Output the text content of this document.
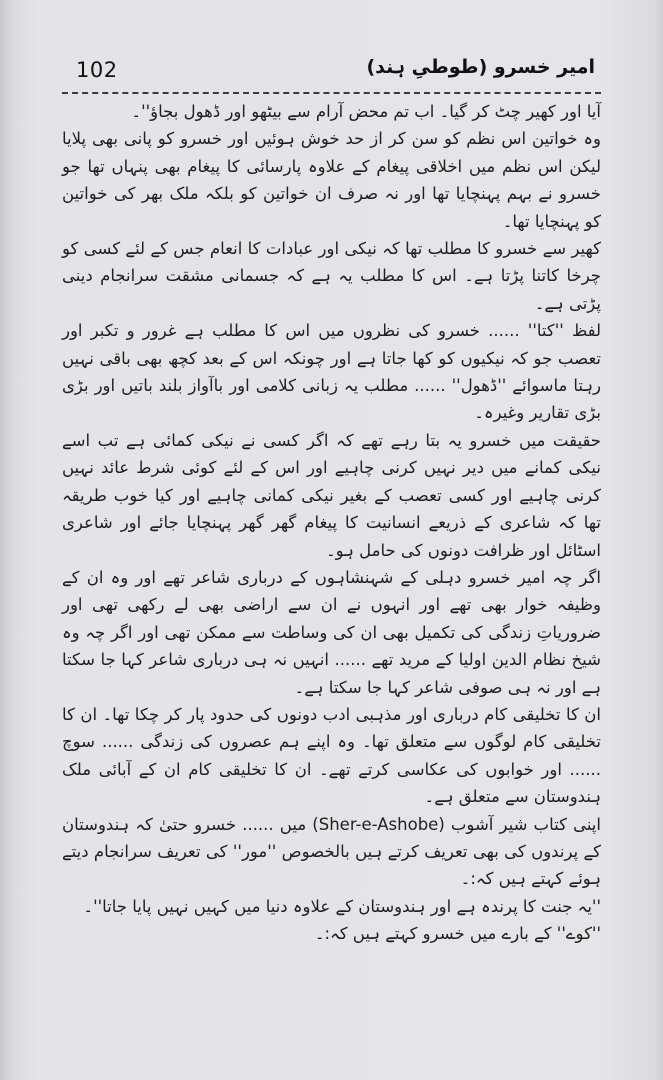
102	امیر خسرو (طوطیِ ہند)

آیا اور کھیر چٹ کر گیا۔ اب تم محض آرام سے بیٹھو اور ڈھول بجاؤ''۔

وہ خواتین اس نظم کو سن کر از حد خوش ہوئیں اور خسرو کو پانی بھی پلایا لیکن اس نظم میں اخلاقی پیغام کے علاوہ پارسائی کا پیغام بھی پنہاں تھا جو خسرو نے بہم پہنچایا تھا اور نہ صرف ان خواتین کو بلکہ ملک بھر کی خواتین کو پہنچایا تھا۔

کھیر سے خسرو کا مطلب تھا کہ نیکی اور عبادات کا انعام جس کے لئے کسی کو چرخا کاتنا پڑتا ہے۔ اس کا مطلب یہ ہے کہ جسمانی مشقت سرانجام دینی پڑتی ہے۔

لفظ ''کتا'' ...... خسرو کی نظروں میں اس کا مطلب ہے غرور و تکبر اور تعصب جو کہ نیکیوں کو کھا جاتا ہے اور چونکہ اس کے بعد کچھ بھی باقی نہیں رہتا ماسوائے ''ڈھول'' ...... مطلب یہ زبانی کلامی اور باآواز بلند باتیں اور بڑی بڑی تقاریر وغیرہ۔

حقیقت میں خسرو یہ بتا رہے تھے کہ اگر کسی نے نیکی کمائی ہے تب اسے نیکی کمانے میں دیر نہیں کرنی چاہیے اور اس کے لئے کوئی شرط عائد نہیں کرنی چاہیے اور کسی تعصب کے بغیر نیکی کمانی چاہیے اور کیا خوب طریقہ تھا کہ شاعری کے ذریعے انسانیت کا پیغام گھر گھر پہنچایا جائے اور شاعری اسٹائل اور ظرافت دونوں کی حامل ہو۔

اگر چہ امیر خسرو دہلی کے شہنشاہوں کے درباری شاعر تھے اور وہ ان کے وظیفہ خوار بھی تھے اور انہوں نے ان سے اراضی بھی لے رکھی تھی اور ضروریاتِ زندگی کی تکمیل بھی ان کی وساطت سے ممکن تھی اور اگر چہ وہ شیخ نظام الدین اولیا کے مرید تھے ...... انہیں نہ ہی درباری شاعر کہا جا سکتا ہے اور نہ ہی صوفی شاعر کہا جا سکتا ہے۔

ان کا تخلیقی کام درباری اور مذہبی ادب دونوں کی حدود پار کر چکا تھا۔ ان کا تخلیقی کام لوگوں سے متعلق تھا۔ وہ اپنے ہم عصروں کی زندگی ...... سوچ ...... اور خوابوں کی عکاسی کرتے تھے۔ ان کا تخلیقی کام ان کے آبائی ملک ہندوستان سے متعلق ہے۔

اپنی کتاب شیر آشوب (Sher-e-Ashobe) میں ...... خسرو حتیٰ کہ ہندوستان کے پرندوں کی بھی تعریف کرتے ہیں بالخصوص ''مور'' کی تعریف سرانجام دیتے ہوئے کہتے ہیں کہ:۔

''یہ جنت کا پرندہ ہے اور ہندوستان کے علاوہ دنیا میں کہیں نہیں پایا جاتا''۔

''کوے'' کے بارے میں خسرو کہتے ہیں کہ:۔
